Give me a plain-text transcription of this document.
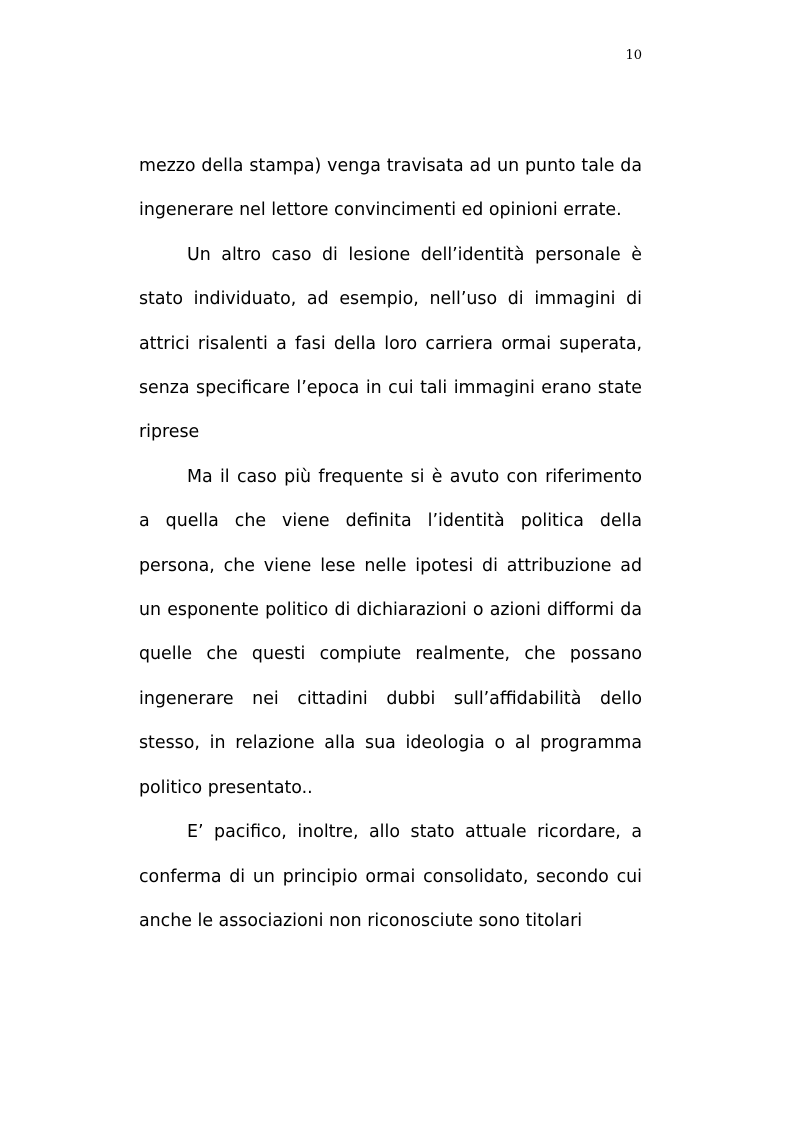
10

mezzo della stampa) venga travisata ad un punto tale da ingenerare nel lettore convincimenti ed opinioni errate.

Un altro caso di lesione dell’identità personale è stato individuato, ad esempio, nell’uso di immagini di attrici risalenti a fasi della loro carriera ormai superata, senza specificare l’epoca in cui tali immagini erano state riprese

Ma il caso più frequente si è avuto con riferimento a quella che viene definita l’identità politica della persona, che viene lese nelle ipotesi di attribuzione ad un esponente politico di dichiarazioni o azioni difformi da quelle che questi compiute realmente, che possano ingenerare nei cittadini dubbi sull’affidabilità dello stesso, in relazione alla sua ideologia o al programma politico presentato..

E’ pacifico, inoltre, allo stato attuale ricordare, a conferma di un principio ormai consolidato, secondo cui anche le associazioni non riconosciute sono titolari
